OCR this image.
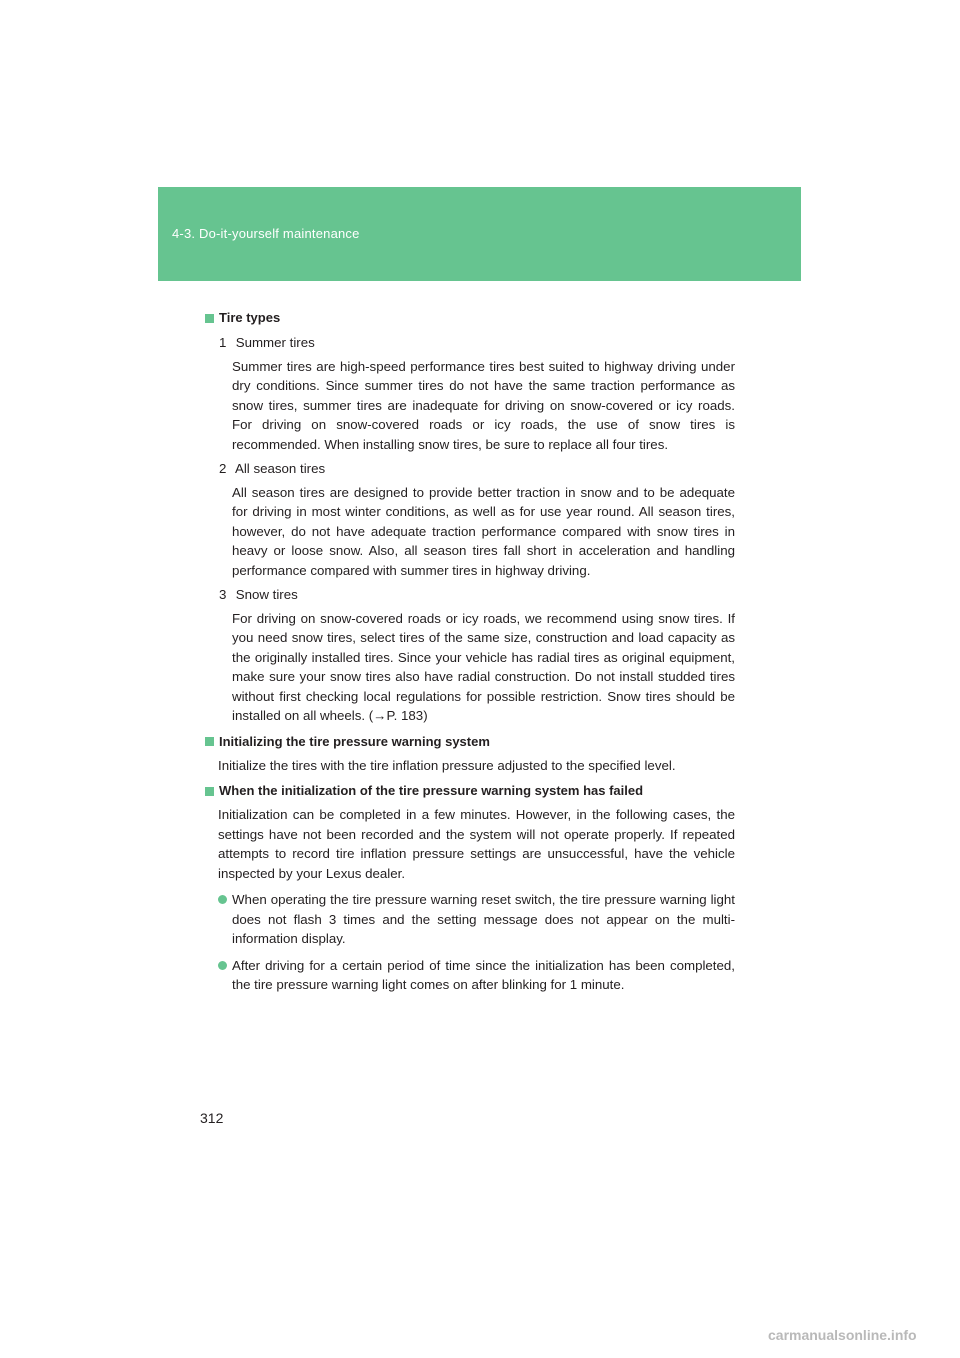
4-3. Do-it-yourself maintenance
Tire types
1 Summer tires
Summer tires are high-speed performance tires best suited to highway driving under dry conditions. Since summer tires do not have the same traction performance as snow tires, summer tires are inadequate for driving on snow-covered or icy roads. For driving on snow-covered roads or icy roads, the use of snow tires is recommended. When installing snow tires, be sure to replace all four tires.
2 All season tires
All season tires are designed to provide better traction in snow and to be adequate for driving in most winter conditions, as well as for use year round. All season tires, however, do not have adequate traction performance compared with snow tires in heavy or loose snow. Also, all season tires fall short in acceleration and handling performance compared with summer tires in highway driving.
3 Snow tires
For driving on snow-covered roads or icy roads, we recommend using snow tires. If you need snow tires, select tires of the same size, construction and load capacity as the originally installed tires. Since your vehicle has radial tires as original equipment, make sure your snow tires also have radial construction. Do not install studded tires without first checking local regulations for possible restriction. Snow tires should be installed on all wheels. (→P. 183)
Initializing the tire pressure warning system
Initialize the tires with the tire inflation pressure adjusted to the specified level.
When the initialization of the tire pressure warning system has failed
Initialization can be completed in a few minutes. However, in the following cases, the settings have not been recorded and the system will not operate properly. If repeated attempts to record tire inflation pressure settings are unsuccessful, have the vehicle inspected by your Lexus dealer.
When operating the tire pressure warning reset switch, the tire pressure warning light does not flash 3 times and the setting message does not appear on the multi-information display.
After driving for a certain period of time since the initialization has been completed, the tire pressure warning light comes on after blinking for 1 minute.
312
carmanualsonline.info
